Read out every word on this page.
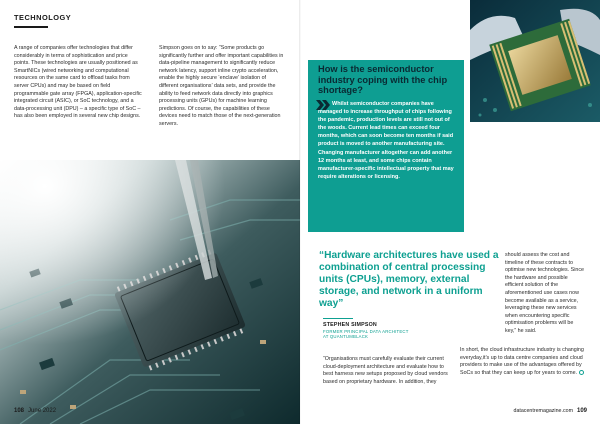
TECHNOLOGY

A range of companies offer technologies that differ considerably in terms of sophistication and price points. These technologies are usually positioned as SmartNICs (wired networking and computational resources on the same card to offload tasks from server CPUs) and may be based on field programmable gate array (FPGA), application-specific integrated circuit (ASIC), or SoC technology, and a data-processing unit (DPU) – a specific type of SoC – has also been employed in several new chip designs.

Simpson goes on to say: “Some products go significantly further and offer important capabilities in data-pipeline management to significantly reduce network latency, support inline crypto acceleration, enable the highly secure ‘enclave’ isolation of different organisations’ data sets, and provide the ability to feed network data directly into graphics processing units (GPUs) for machine learning predictions. Of course, the capabilities of these devices need to match those of the next-generation servers.

How is the semiconductor industry coping with the chip shortage?
Whilst semiconductor companies have managed to increase throughput of chips following the pandemic, production levels are still not out of the woods. Current lead times can exceed four months, which can soon become ten months if said product is moved to another manufacturing site. Changing manufacturer altogether can add another 12 months at least, and some chips contain manufacturer-specific intellectual property that may require alterations or licensing.
“Hardware architectures have used a combination of central processing units (CPUs), memory, external storage, and network in a uniform way”
STEPHEN SIMPSON
FORMER PRINCIPAL DATA ARCHITECT
AT QUANTUMBLACK

should assess the cost and timeline of these contracts to optimise new technologies. Since the hardware and possible efficient solution of the aforementioned use cases now become available as a service, leveraging these new services when encountering specific optimisation problems will be key,” he said.

“Organisations must carefully evaluate their current cloud-deployment architecture and evaluate how to best harness new setups proposed by cloud vendors based on proprietary hardware. In addition, they

In short, the cloud infrastructure industry is changing everyday,it’s up to data centre companies and cloud providers to make use of the advantages offered by SoCs so that they can keep up for years to come.

108 June 2022	datacentremagazine.com 109
